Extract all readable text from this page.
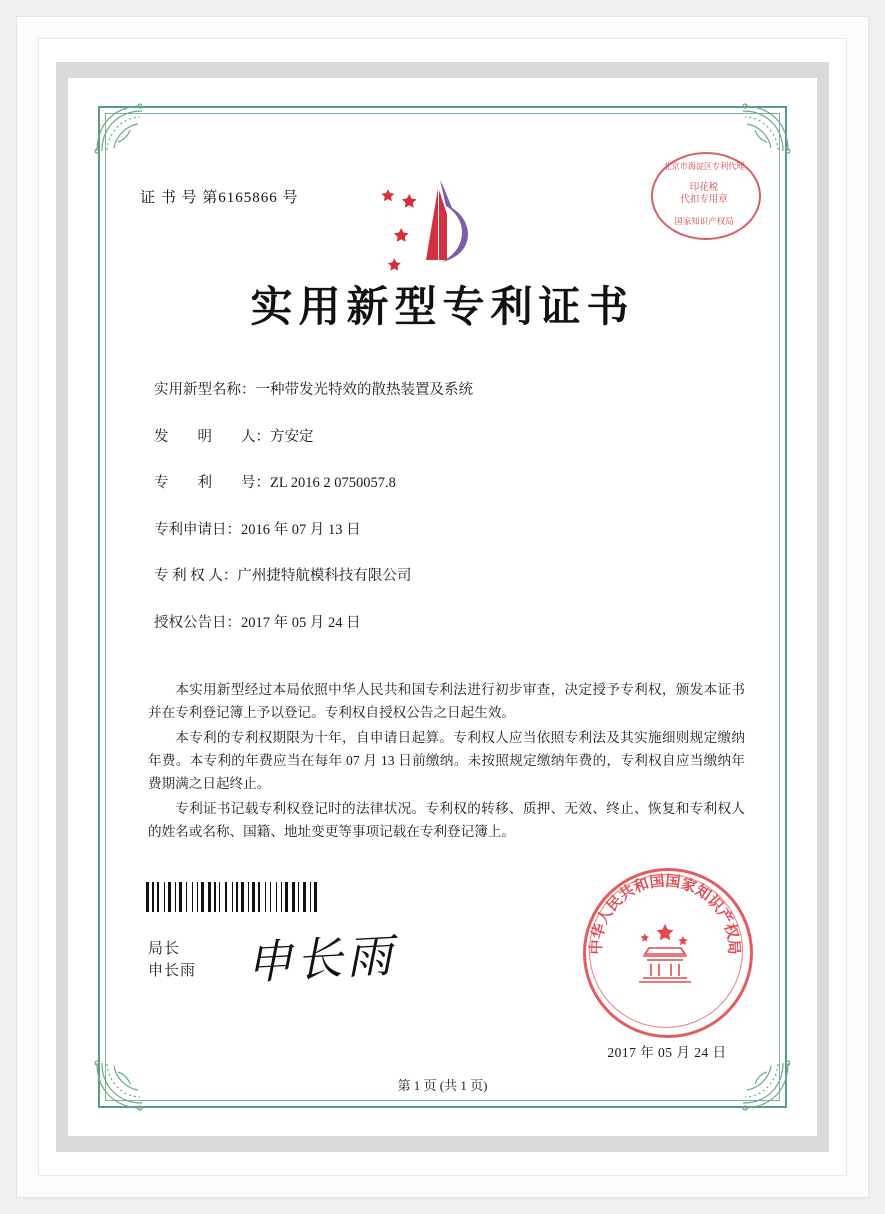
证 书 号 第6165866 号
北京市海淀区专利代理
印花税
代扣专用章
国家知识产权局
实用新型专利证书
实用新型名称：一种带发光特效的散热装置及系统
发　　明　　人：方安定
专　　利　　号：ZL 2016 2 0750057.8
专利申请日：2016 年 07 月 13 日
专 利 权 人：广州捷特航模科技有限公司
授权公告日：2017 年 05 月 24 日

本实用新型经过本局依照中华人民共和国专利法进行初步审查，决定授予专利权，颁发本证书并在专利登记簿上予以登记。专利权自授权公告之日起生效。

本专利的专利权期限为十年，自申请日起算。专利权人应当依照专利法及其实施细则规定缴纳年费。本专利的年费应当在每年 07 月 13 日前缴纳。未按照规定缴纳年费的，专利权自应当缴纳年费期满之日起终止。

专利证书记载专利权登记时的法律状况。专利权的转移、质押、无效、终止、恢复和专利权人的姓名或名称、国籍、地址变更等事项记载在专利登记簿上。

局长
申长雨 申长雨	中华人民共和国国家知识产权局
2017 年 05 月 24 日
第 1 页 (共 1 页)
